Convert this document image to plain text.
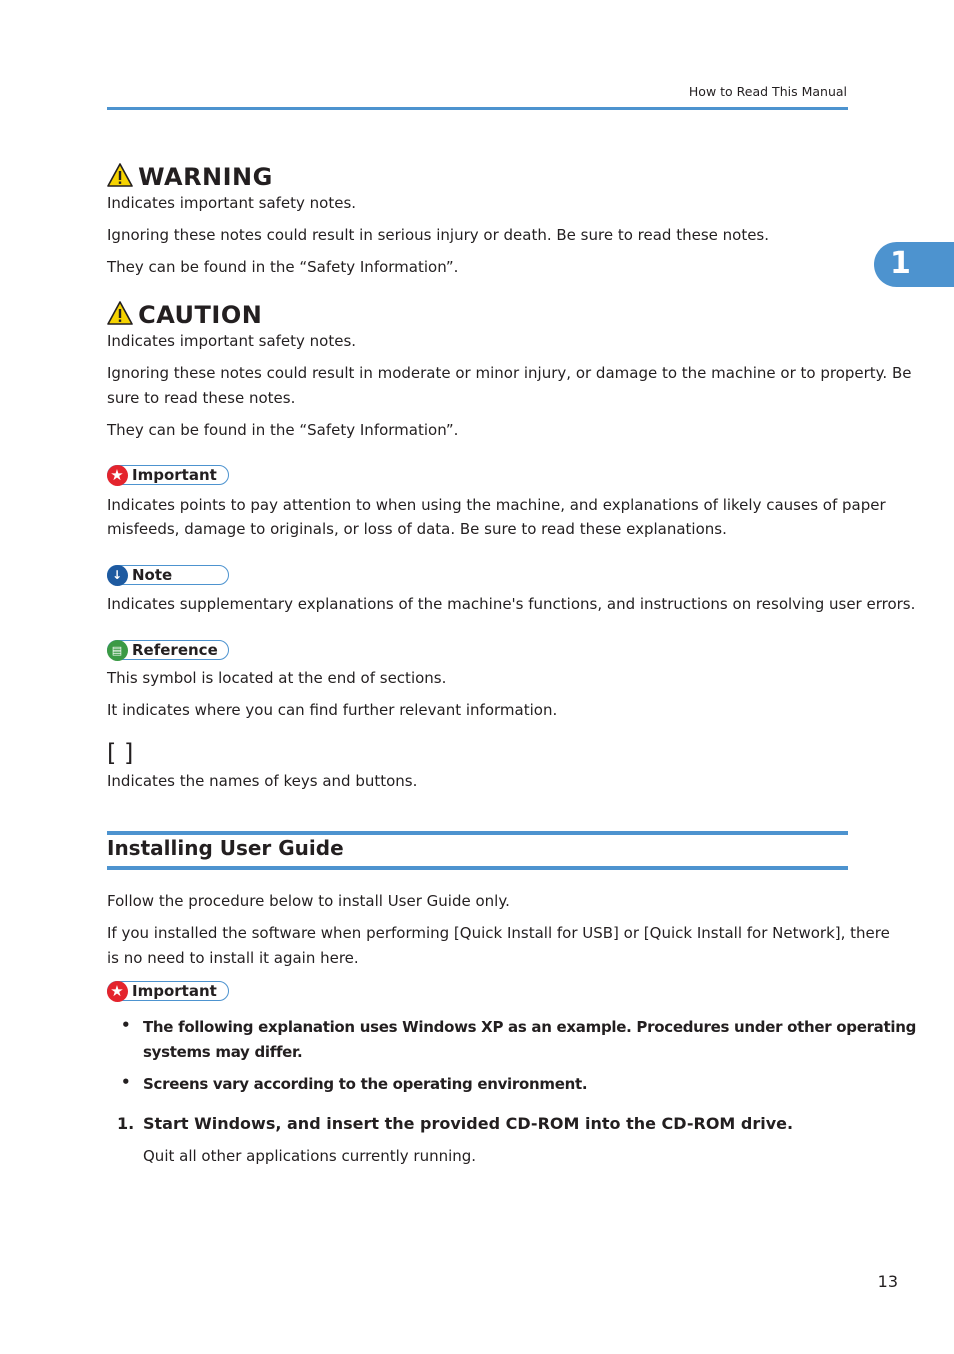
How to Read This Manual
1
WARNING
Indicates important safety notes.
Ignoring these notes could result in serious injury or death. Be sure to read these notes.
They can be found in the “Safety Information”.
CAUTION
Indicates important safety notes.
Ignoring these notes could result in moderate or minor injury, or damage to the machine or to property. Be
sure to read these notes.
They can be found in the “Safety Information”.
★ Important
Indicates points to pay attention to when using the machine, and explanations of likely causes of paper
misfeeds, damage to originals, or loss of data. Be sure to read these explanations.
↓ Note
Indicates supplementary explanations of the machine's functions, and instructions on resolving user errors.
▤ Reference
This symbol is located at the end of sections.
It indicates where you can find further relevant information.
[ ]
Indicates the names of keys and buttons.
Installing User Guide
Follow the procedure below to install User Guide only.
If you installed the software when performing [Quick Install for USB] or [Quick Install for Network], there
is no need to install it again here.
★ Important
• The following explanation uses Windows XP as an example. Procedures under other operating
systems may differ.
• Screens vary according to the operating environment.
1. Start Windows, and insert the provided CD-ROM into the CD-ROM drive.
Quit all other applications currently running.
13
